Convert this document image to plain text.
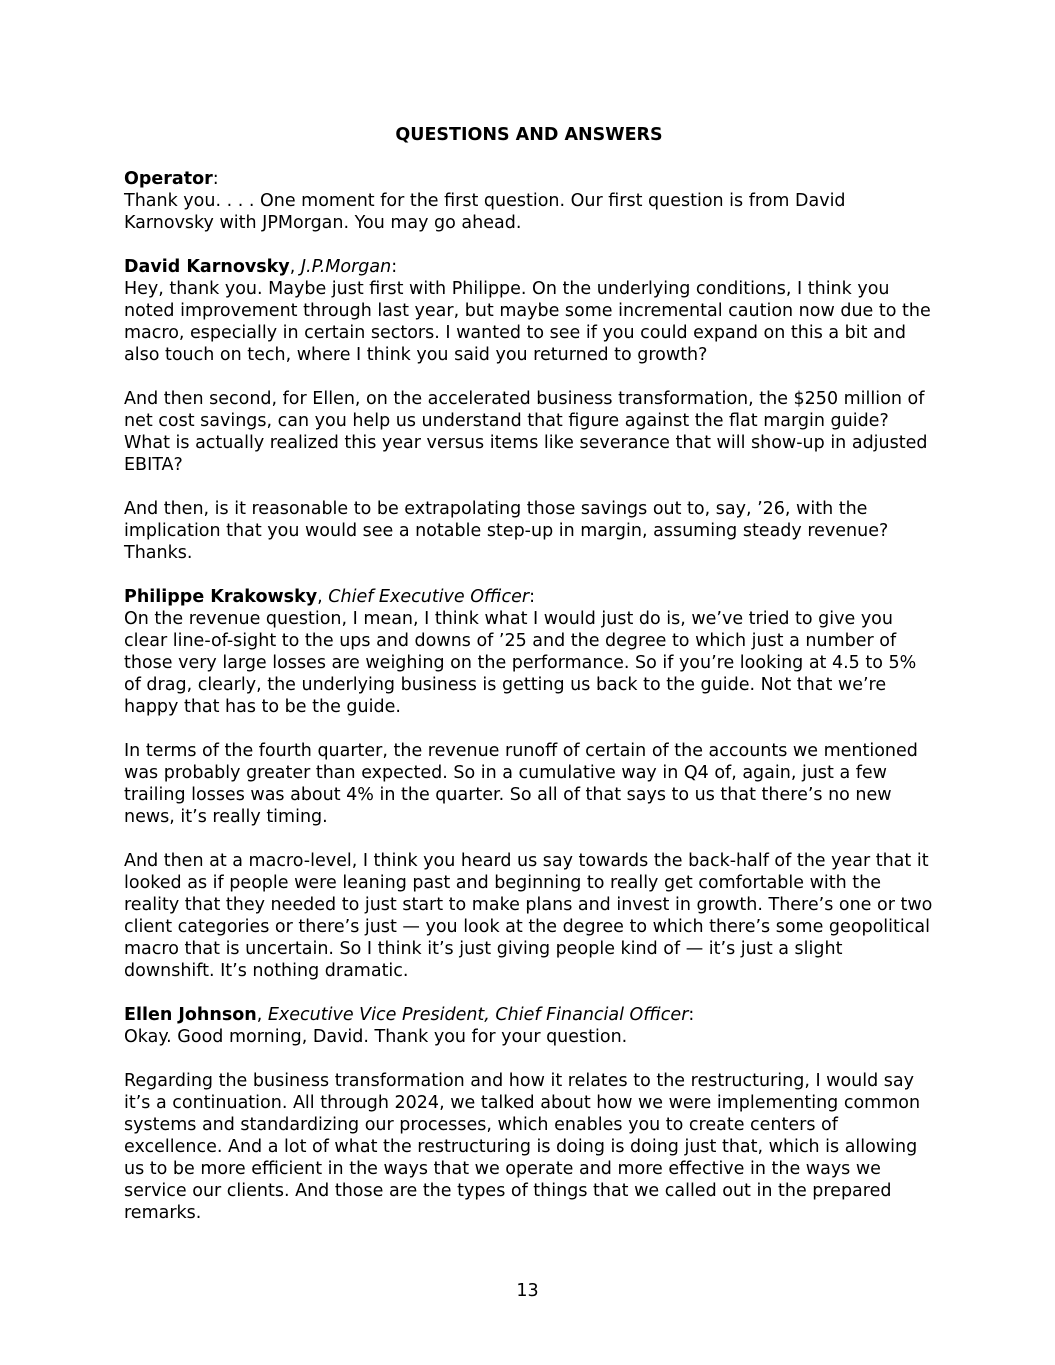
QUESTIONS AND ANSWERS
Operator:

Thank you. . . . One moment for the first question. Our first question is from David Karnovsky with JPMorgan. You may go ahead.

David Karnovsky, J.P.Morgan:

Hey, thank you. Maybe just first with Philippe. On the underlying conditions, I think you noted improvement through last year, but maybe some incremental caution now due to the macro, especially in certain sectors. I wanted to see if you could expand on this a bit and also touch on tech, where I think you said you returned to growth?

And then second, for Ellen, on the accelerated business transformation, the $250 million of net cost savings, can you help us understand that figure against the flat margin guide? What is actually realized this year versus items like severance that will show-up in adjusted EBITA?

And then, is it reasonable to be extrapolating those savings out to, say, ’26, with the implication that you would see a notable step-up in margin, assuming steady revenue? Thanks.

Philippe Krakowsky, Chief Executive Officer:

On the revenue question, I mean, I think what I would just do is, we’ve tried to give you clear line-of-sight to the ups and downs of ’25 and the degree to which just a number of those very large losses are weighing on the performance. So if you’re looking at 4.5 to 5% of drag, clearly, the underlying business is getting us back to the guide. Not that we’re happy that has to be the guide.

In terms of the fourth quarter, the revenue runoff of certain of the accounts we mentioned was probably greater than expected. So in a cumulative way in Q4 of, again, just a few trailing losses was about 4% in the quarter. So all of that says to us that there’s no new news, it’s really timing.

And then at a macro-level, I think you heard us say towards the back-half of the year that it looked as if people were leaning past and beginning to really get comfortable with the reality that they needed to just start to make plans and invest in growth. There’s one or two client categories or there’s just — you look at the degree to which there’s some geopolitical macro that is uncertain. So I think it’s just giving people kind of — it’s just a slight downshift. It’s nothing dramatic.

Ellen Johnson, Executive Vice President, Chief Financial Officer:

Okay. Good morning, David. Thank you for your question.

Regarding the business transformation and how it relates to the restructuring, I would say it’s a continuation. All through 2024, we talked about how we were implementing common systems and standardizing our processes, which enables you to create centers of excellence. And a lot of what the restructuring is doing is doing just that, which is allowing us to be more efficient in the ways that we operate and more effective in the ways we service our clients. And those are the types of things that we called out in the prepared remarks.

13
